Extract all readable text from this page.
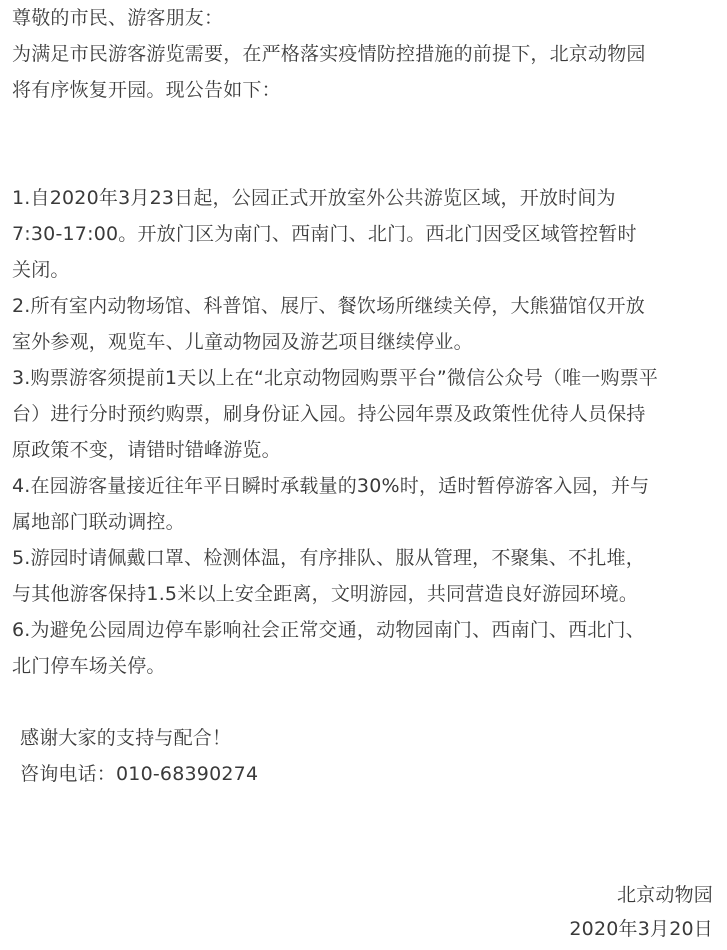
尊敬的市民、游客朋友：
为满足市民游客游览需要，在严格落实疫情防控措施的前提下，北京动物园
将有序恢复开园。现公告如下：
1.自2020年3月23日起，公园正式开放室外公共游览区域，开放时间为
7:30-17:00。开放门区为南门、西南门、北门。西北门因受区域管控暂时
关闭。
2.所有室内动物场馆、科普馆、展厅、餐饮场所继续关停，大熊猫馆仅开放
室外参观，观览车、儿童动物园及游艺项目继续停业。
3.购票游客须提前1天以上在“北京动物园购票平台”微信公众号（唯一购票平
台）进行分时预约购票，刷身份证入园。持公园年票及政策性优待人员保持
原政策不变，请错时错峰游览。
4.在园游客量接近往年平日瞬时承载量的30%时，适时暂停游客入园，并与
属地部门联动调控。
5.游园时请佩戴口罩、检测体温，有序排队、服从管理，不聚集、不扎堆，
与其他游客保持1.5米以上安全距离，文明游园，共同营造良好游园环境。
6.为避免公园周边停车影响社会正常交通，动物园南门、西南门、西北门、
北门停车场关停。
感谢大家的支持与配合！
咨询电话：010-68390274
北京动物园
2020年3月20日
